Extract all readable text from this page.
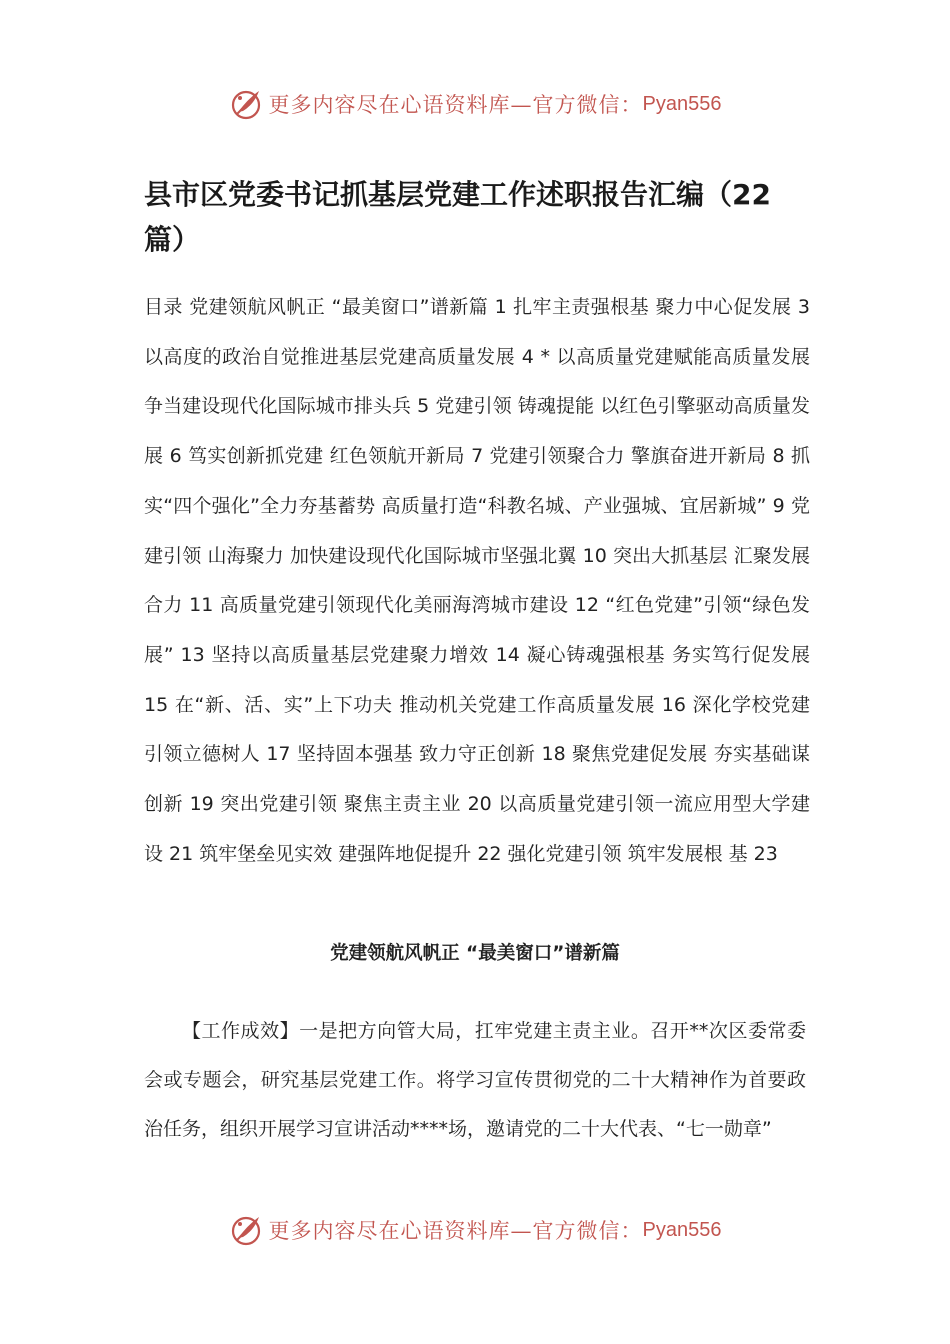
更多内容尽在心语资料库—官方微信： Pyan556
县市区党委书记抓基层党建工作述职报告汇编（22篇）

目录 党建领航风帆正 “最美窗口”谱新篇 1 扎牢主责强根基 聚力中心促发展 3 以高度的政治自觉推进基层党建高质量发展 4 * 以高质量党建赋能高质量发展 争当建设现代化国际城市排头兵 5 党建引领 铸魂提能 以红色引擎驱动高质量发展 6 笃实创新抓党建 红色领航开新局 7 党建引领聚合力 擎旗奋进开新局 8 抓实“四个强化”全力夯基蓄势 高质量打造“科教名城、产业强城、宜居新城” 9 党建引领 山海聚力 加快建设现代化国际城市坚强北翼 10 突出大抓基层 汇聚发展合力 11 高质量党建引领现代化美丽海湾城市建设 12 “红色党建”引领“绿色发展” 13 坚持以高质量基层党建聚力增效 14 凝心铸魂强根基 务实笃行促发展 15 在“新、活、实”上下功夫 推动机关党建工作高质量发展 16 深化学校党建 引领立德树人 17 坚持固本强基 致力守正创新 18 聚焦党建促发展 夯实基础谋创新 19 突出党建引领 聚焦主责主业 20 以高质量党建引领一流应用型大学建设 21 筑牢堡垒见实效 建强阵地促提升 22 强化党建引领 筑牢发展根 基 23

党建领航风帆正 “最美窗口”谱新篇

【工作成效】一是把方向管大局，扛牢党建主责主业。召开**次区委常委会或专题会，研究基层党建工作。将学习宣传贯彻党的二十大精神作为首要政治任务，组织开展学习宣讲活动****场，邀请党的二十大代表、“七一勋章”

更多内容尽在心语资料库—官方微信： Pyan556
